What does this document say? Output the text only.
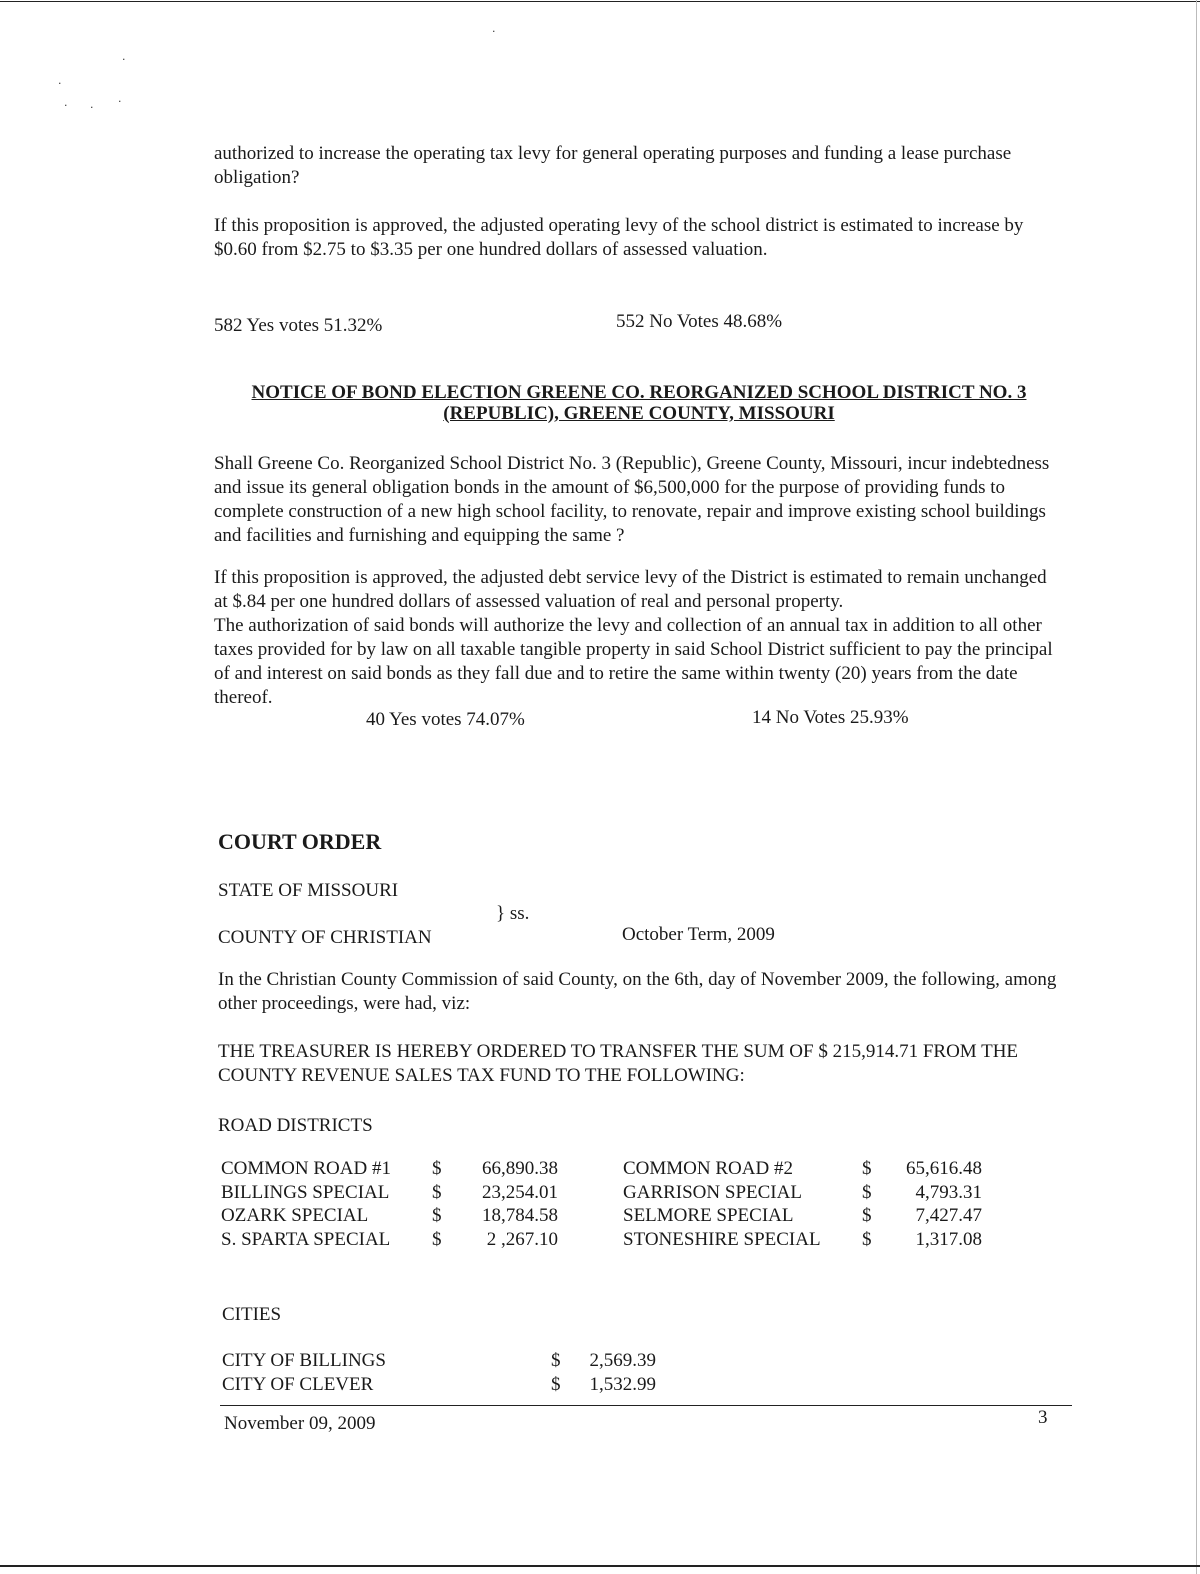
·
·
·
· · ·
authorized to increase the operating tax levy for general operating purposes and funding a lease purchase obligation?
If this proposition is approved, the adjusted operating levy of the school district is estimated to increase by $0.60 from $2.75 to $3.35 per one hundred dollars of assessed valuation.
582 Yes votes 51.32%	552 No Votes 48.68%
NOTICE OF BOND ELECTION GREENE CO. REORGANIZED SCHOOL DISTRICT NO. 3
(REPUBLIC), GREENE COUNTY, MISSOURI
Shall Greene Co. Reorganized School District No. 3 (Republic), Greene County, Missouri, incur indebtedness and issue its general obligation bonds in the amount of $6,500,000 for the purpose of providing funds to complete construction of a new high school facility, to renovate, repair and improve existing school buildings and facilities and furnishing and equipping the same ?
If this proposition is approved, the adjusted debt service levy of the District is estimated to remain unchanged at $.84 per one hundred dollars of assessed valuation of real and personal property.
The authorization of said bonds will authorize the levy and collection of an annual tax in addition to all other taxes provided for by law on all taxable tangible property in said School District sufficient to pay the principal of and interest on said bonds as they fall due and to retire the same within twenty (20) years from the date thereof.
40 Yes votes 74.07%	14 No Votes 25.93%
COURT ORDER
STATE OF MISSOURI
} ss.
COUNTY OF CHRISTIAN	October Term, 2009
In the Christian County Commission of said County, on the 6th, day of November 2009, the following, among other proceedings, were had, viz:
THE TREASURER IS HEREBY ORDERED TO TRANSFER THE SUM OF $ 215,914.71 FROM THE COUNTY REVENUE SALES TAX FUND TO THE FOLLOWING:
ROAD DISTRICTS
COMMON ROAD #1 $	66,890.38	COMMON ROAD #2	$	65,616.48
BILLINGS SPECIAL $	23,254.01	GARRISON SPECIAL	$	4,793.31
OZARK SPECIAL	$	18,784.58	SELMORE SPECIAL	$	7,427.47
S. SPARTA SPECIAL $	2 ,267.10	STONESHIRE SPECIAL $	1,317.08
CITIES
CITY OF BILLINGS	$	2,569.39
CITY OF CLEVER	$	1,532.99
November 09, 2009	3
